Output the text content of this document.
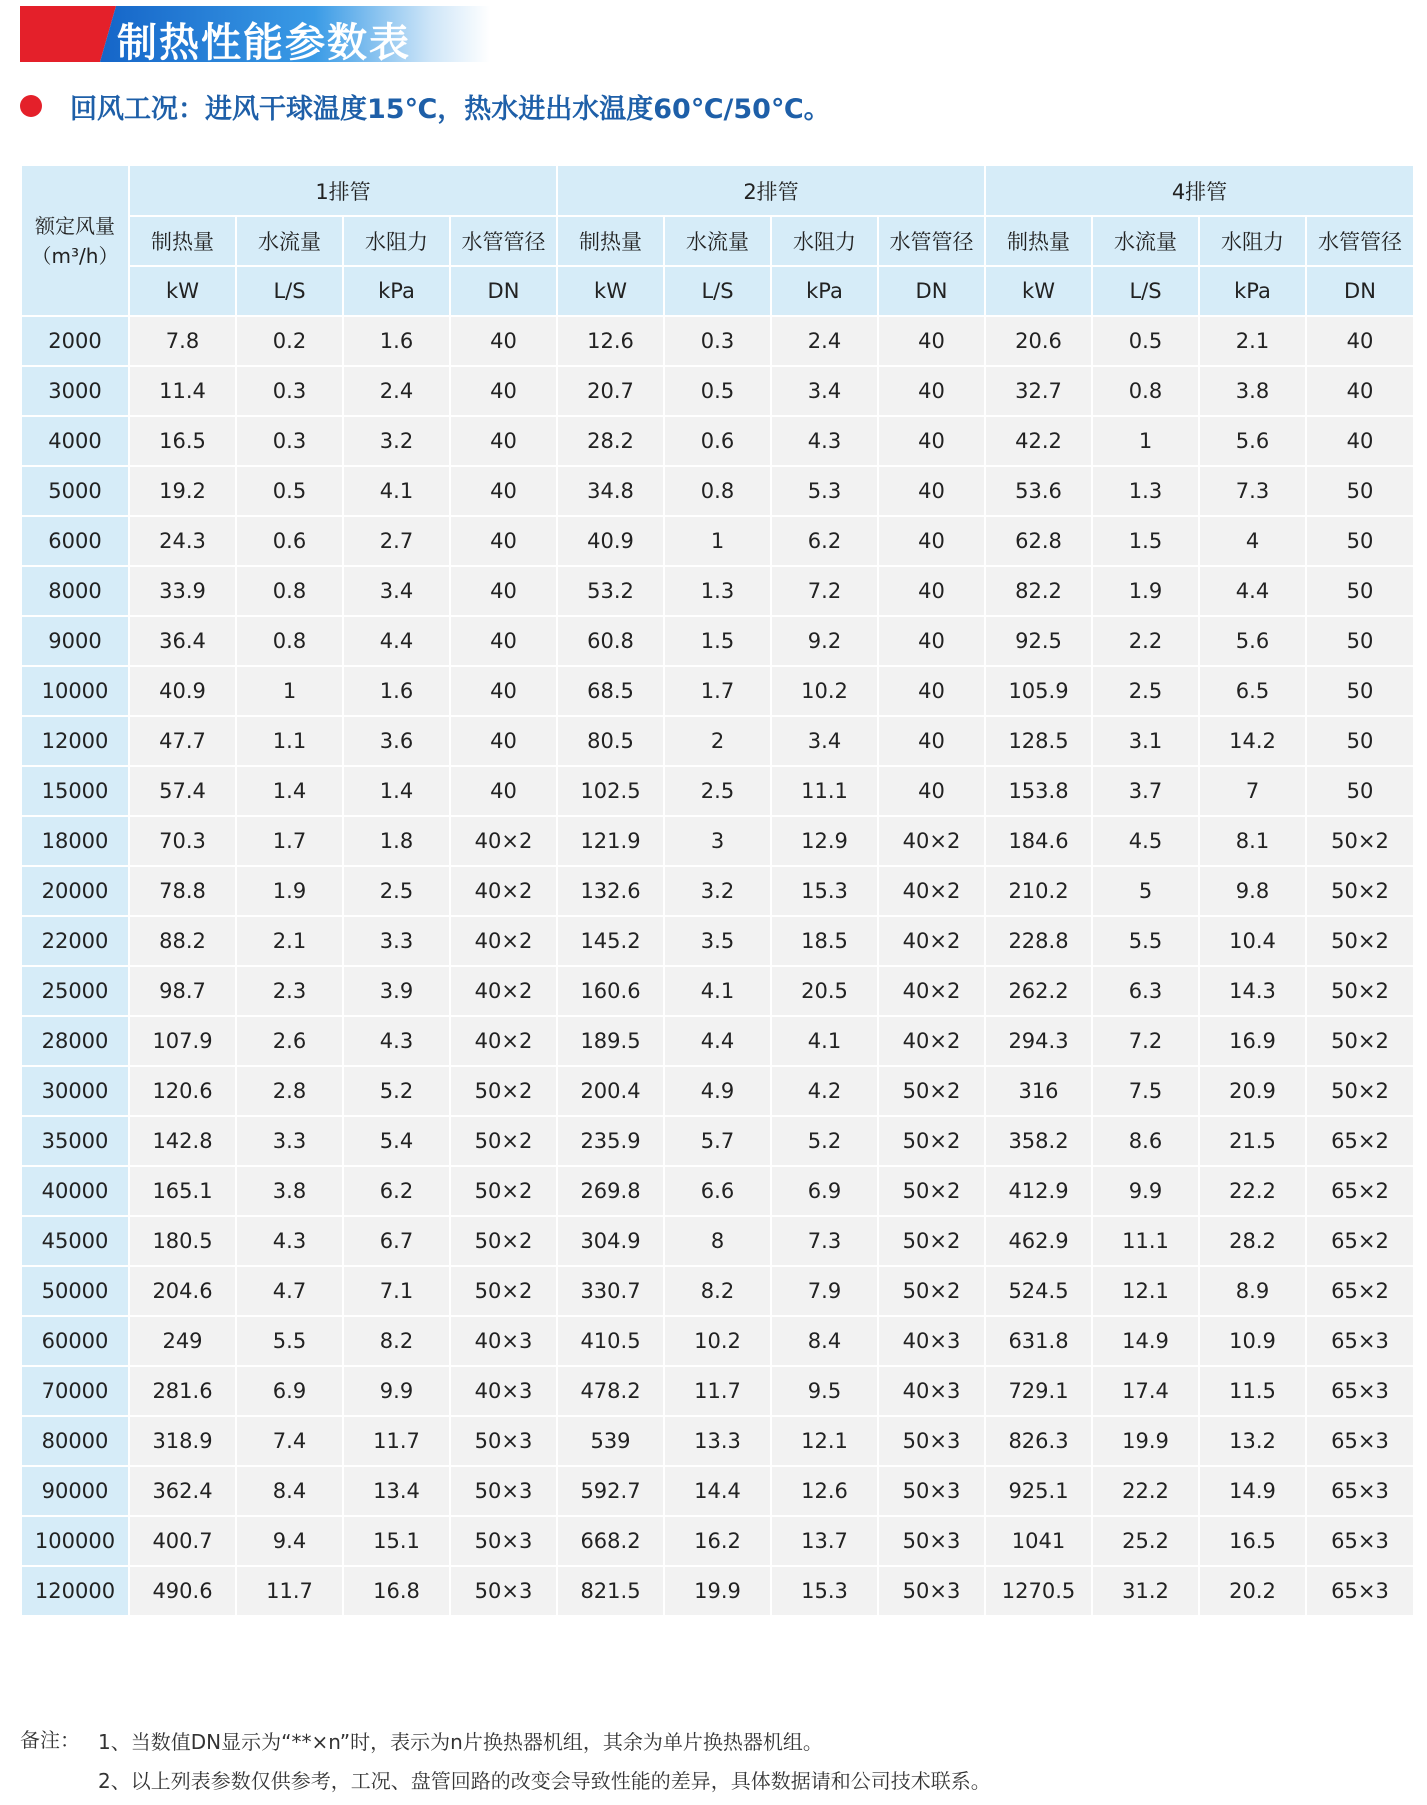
制热性能参数表
回风工况：进风干球温度15℃，热水进出水温度60℃/50℃。
额定风量
（m³/h）	1排管				2排管				4排管			
	制热量	水流量	水阻力	水管管径	制热量	水流量	水阻力	水管管径	制热量	水流量	水阻力	水管管径
	kW	L/S	kPa	DN	kW	L/S	kPa	DN	kW	L/S	kPa	DN
2000	7.8	0.2	1.6	40	12.6	0.3	2.4	40	20.6	0.5	2.1	40
3000	11.4	0.3	2.4	40	20.7	0.5	3.4	40	32.7	0.8	3.8	40
4000	16.5	0.3	3.2	40	28.2	0.6	4.3	40	42.2	1	5.6	40
5000	19.2	0.5	4.1	40	34.8	0.8	5.3	40	53.6	1.3	7.3	50
6000	24.3	0.6	2.7	40	40.9	1	6.2	40	62.8	1.5	4	50
8000	33.9	0.8	3.4	40	53.2	1.3	7.2	40	82.2	1.9	4.4	50
9000	36.4	0.8	4.4	40	60.8	1.5	9.2	40	92.5	2.2	5.6	50
10000	40.9	1	1.6	40	68.5	1.7	10.2	40	105.9	2.5	6.5	50
12000	47.7	1.1	3.6	40	80.5	2	3.4	40	128.5	3.1	14.2	50
15000	57.4	1.4	1.4	40	102.5	2.5	11.1	40	153.8	3.7	7	50
18000	70.3	1.7	1.8	40×2	121.9	3	12.9	40×2	184.6	4.5	8.1	50×2
20000	78.8	1.9	2.5	40×2	132.6	3.2	15.3	40×2	210.2	5	9.8	50×2
22000	88.2	2.1	3.3	40×2	145.2	3.5	18.5	40×2	228.8	5.5	10.4	50×2
25000	98.7	2.3	3.9	40×2	160.6	4.1	20.5	40×2	262.2	6.3	14.3	50×2
28000	107.9	2.6	4.3	40×2	189.5	4.4	4.1	40×2	294.3	7.2	16.9	50×2
30000	120.6	2.8	5.2	50×2	200.4	4.9	4.2	50×2	316	7.5	20.9	50×2
35000	142.8	3.3	5.4	50×2	235.9	5.7	5.2	50×2	358.2	8.6	21.5	65×2
40000	165.1	3.8	6.2	50×2	269.8	6.6	6.9	50×2	412.9	9.9	22.2	65×2
45000	180.5	4.3	6.7	50×2	304.9	8	7.3	50×2	462.9	11.1	28.2	65×2
50000	204.6	4.7	7.1	50×2	330.7	8.2	7.9	50×2	524.5	12.1	8.9	65×2
60000	249	5.5	8.2	40×3	410.5	10.2	8.4	40×3	631.8	14.9	10.9	65×3
70000	281.6	6.9	9.9	40×3	478.2	11.7	9.5	40×3	729.1	17.4	11.5	65×3
80000	318.9	7.4	11.7	50×3	539	13.3	12.1	50×3	826.3	19.9	13.2	65×3
90000	362.4	8.4	13.4	50×3	592.7	14.4	12.6	50×3	925.1	22.2	14.9	65×3
100000	400.7	9.4	15.1	50×3	668.2	16.2	13.7	50×3	1041	25.2	16.5	65×3
120000	490.6	11.7	16.8	50×3	821.5	19.9	15.3	50×3	1270.5	31.2	20.2	65×3
备注： 1、当数值DN显示为“**×n”时，表示为n片换热器机组，其余为单片换热器机组。
2、以上列表参数仅供参考，工况、盘管回路的改变会导致性能的差异，具体数据请和公司技术联系。
